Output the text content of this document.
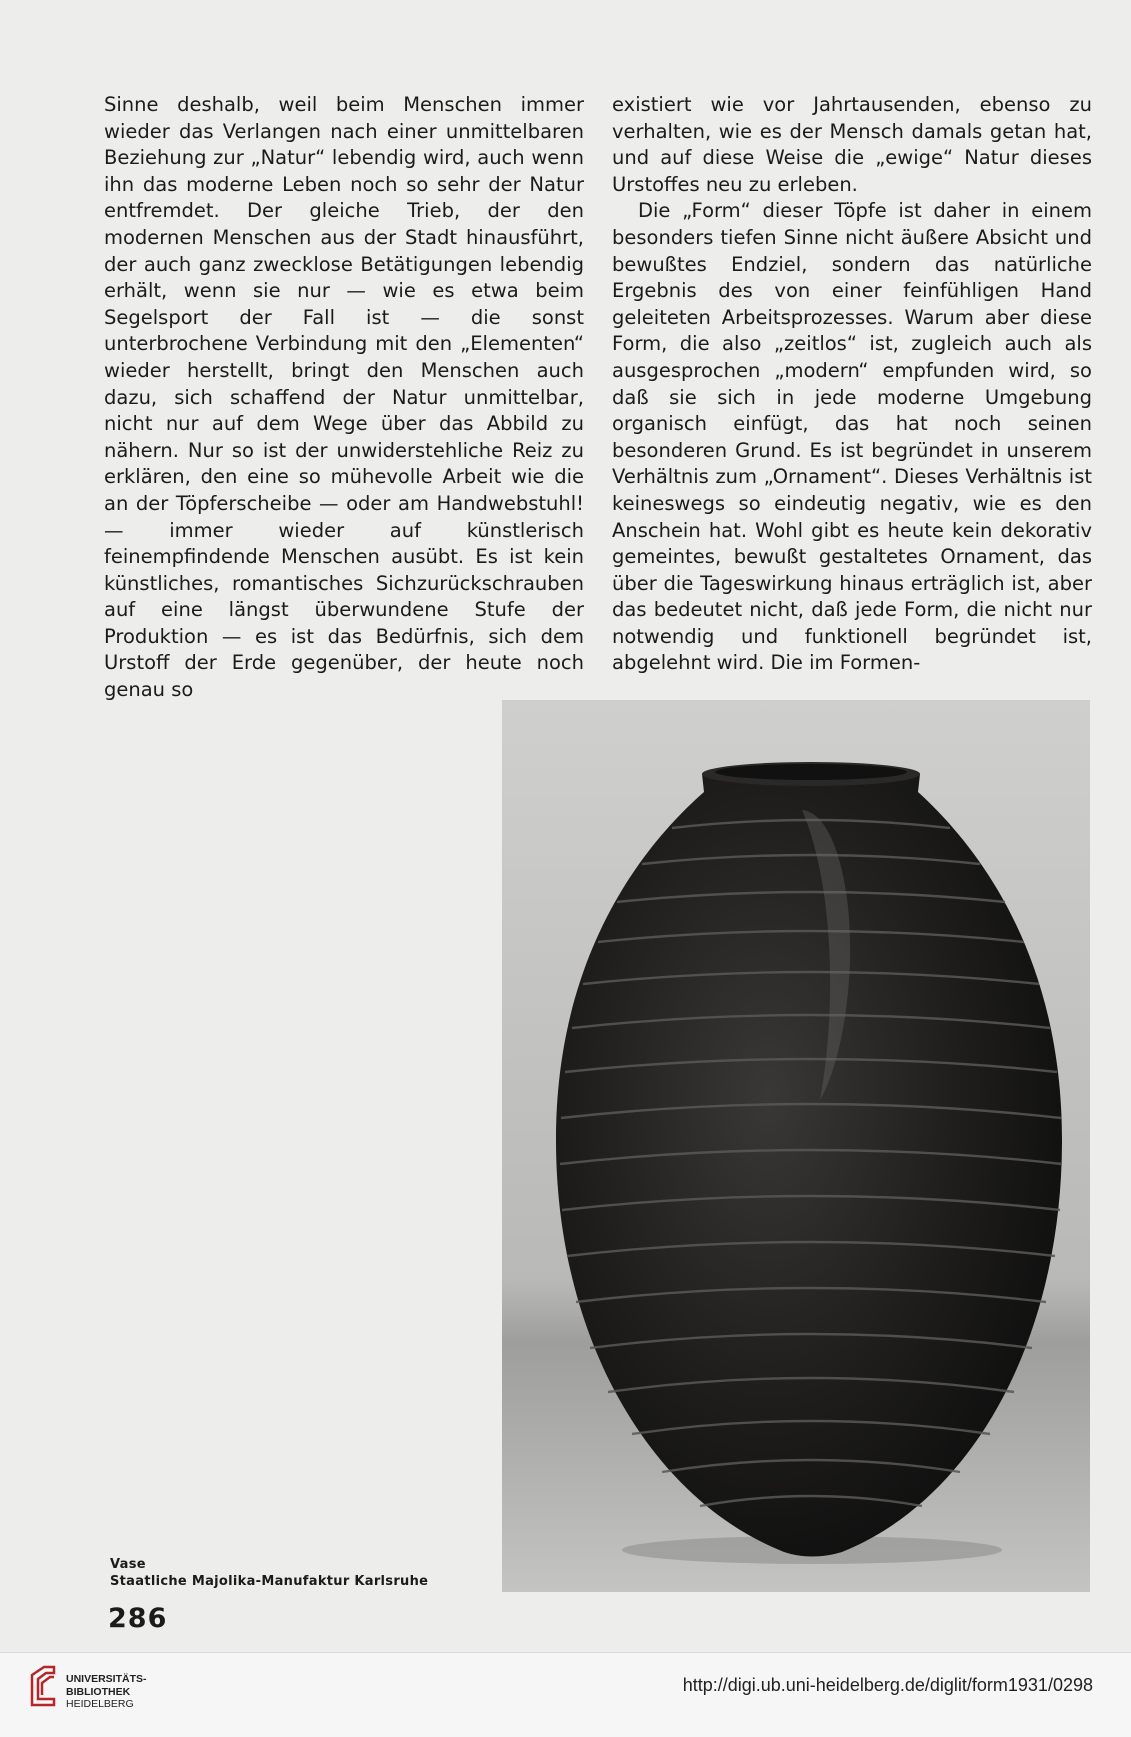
Sinne deshalb, weil beim Menschen immer wieder das Verlangen nach einer unmittelbaren Beziehung zur „Natur“ lebendig wird, auch wenn ihn das moderne Leben noch so sehr der Natur entfremdet. Der gleiche Trieb, der den modernen Menschen aus der Stadt hinausführt, der auch ganz zwecklose Betätigungen lebendig erhält, wenn sie nur — wie es etwa beim Segelsport der Fall ist — die sonst unterbrochene Verbindung mit den „Elementen“ wieder herstellt, bringt den Menschen auch dazu, sich schaffend der Natur unmittelbar, nicht nur auf dem Wege über das Abbild zu nähern. Nur so ist der unwiderstehliche Reiz zu erklären, den eine so mühevolle Arbeit wie die an der Töpferscheibe — oder am Handwebstuhl! — immer wieder auf künstlerisch feinempfindende Menschen ausübt. Es ist kein künstliches, romantisches Sichzurückschrauben auf eine längst überwundene Stufe der Produktion — es ist das Bedürfnis, sich dem Urstoff der Erde gegenüber, der heute noch genau so

existiert wie vor Jahrtausenden, ebenso zu verhalten, wie es der Mensch damals getan hat, und auf diese Weise die „ewige“ Natur dieses Urstoffes neu zu erleben.

Die „Form“ dieser Töpfe ist daher in einem besonders tiefen Sinne nicht äußere Absicht und bewußtes Endziel, sondern das natürliche Ergebnis des von einer feinfühligen Hand geleiteten Arbeitsprozesses. Warum aber diese Form, die also „zeitlos“ ist, zugleich auch als ausgesprochen „modern“ empfunden wird, so daß sie sich in jede moderne Umgebung organisch einfügt, das hat noch seinen besonderen Grund. Es ist begründet in unserem Verhältnis zum „Ornament“. Dieses Verhältnis ist keineswegs so eindeutig negativ, wie es den Anschein hat. Wohl gibt es heute kein dekorativ gemeintes, bewußt gestaltetes Ornament, das über die Tageswirkung hinaus erträglich ist, aber das bedeutet nicht, daß jede Form, die nicht nur notwendig und funktionell begründet ist, abgelehnt wird. Die im Formen-

Vase
Staatliche Majolika-Manufaktur Karlsruhe
286
UNIVERSITÄTS-
BIBLIOTHEK
HEIDELBERG
http://digi.ub.uni-heidelberg.de/diglit/form1931/0298
